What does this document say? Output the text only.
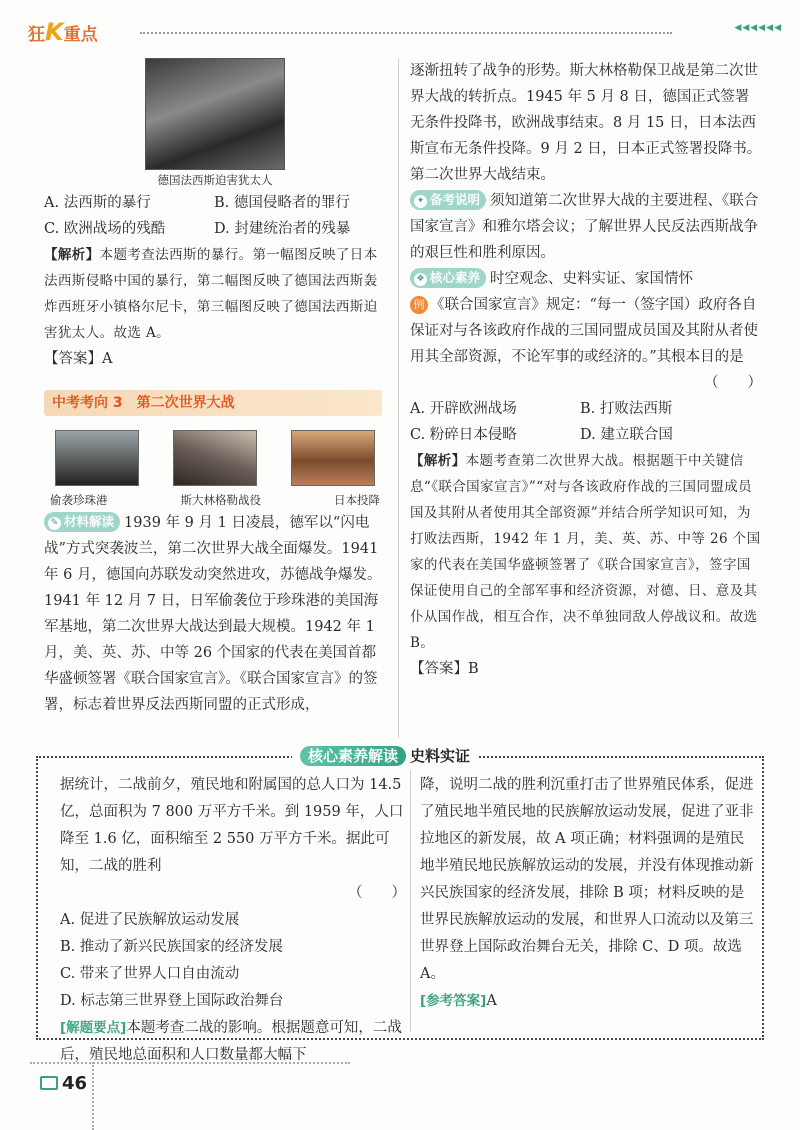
狂K重点	◀◀◀◀◀◀
德国法西斯迫害犹太人
A. 法西斯的暴行	B. 德国侵略者的罪行
C. 欧洲战场的残酷	D. 封建统治者的残暴

【解析】本题考查法西斯的暴行。第一幅图反映了日本法西斯侵略中国的暴行，第二幅图反映了德国法西斯轰炸西班牙小镇格尔尼卡，第三幅图反映了德国法西斯迫害犹太人。故选 A。

【答案】A
中考考向 3　第二次世界大战
偷袭珍珠港	斯大林格勒战役	日本投降
✎ 材料解读 1939 年 9 月 1 日凌晨，德军以“闪电战”方式突袭波兰，第二次世界大战全面爆发。1941 年 6 月，德国向苏联发动突然进攻，苏德战争爆发。1941 年 12 月 7 日，日军偷袭位于珍珠港的美国海军基地，第二次世界大战达到最大规模。1942 年 1 月，美、英、苏、中等 26 个国家的代表在美国首都华盛顿签署《联合国家宣言》。《联合国家宣言》的签署，标志着世界反法西斯同盟的正式形成，
逐渐扭转了战争的形势。斯大林格勒保卫战是第二次世界大战的转折点。1945 年 5 月 8 日，德国正式签署无条件投降书，欧洲战事结束。8 月 15 日，日本法西斯宣布无条件投降。9 月 2 日，日本正式签署投降书。第二次世界大战结束。
✦ 备考说明 须知道第二次世界大战的主要进程、《联合国家宣言》和雅尔塔会议；了解世界人民反法西斯战争的艰巨性和胜利原因。
❖ 核心素养 时空观念、史料实证、家国情怀
例 《联合国家宣言》规定：“每一（签字国）政府各自保证对与各该政府作战的三国同盟成员国及其附从者使用其全部资源，不论军事的或经济的。”其根本目的是
（　　）
A. 开辟欧洲战场	B. 打败法西斯
C. 粉碎日本侵略	D. 建立联合国

【解析】本题考查第二次世界大战。根据题干中关键信息“《联合国家宣言》”“对与各该政府作战的三国同盟成员国及其附从者使用其全部资源”并结合所学知识可知，为打败法西斯，1942 年 1 月，美、英、苏、中等 26 个国家的代表在美国华盛顿签署了《联合国家宣言》，签字国保证使用自己的全部军事和经济资源，对德、日、意及其仆从国作战，相互合作，决不单独同敌人停战议和。故选 B。

【答案】B
核心素养解读 史料实证
据统计，二战前夕，殖民地和附属国的总人口为 14.5 亿，总面积为 7 800 万平方千米。到 1959 年，人口降至 1.6 亿，面积缩至 2 550 万平方千米。据此可知，二战的胜利
（　　）
A. 促进了民族解放运动发展
B. 推动了新兴民族国家的经济发展
C. 带来了世界人口自由流动
D. 标志第三世界登上国际政治舞台
[解题要点]本题考查二战的影响。根据题意可知，二战后，殖民地总面积和人口数量都大幅下
降，说明二战的胜利沉重打击了世界殖民体系，促进了殖民地半殖民地的民族解放运动发展，促进了亚非拉地区的新发展，故 A 项正确；材料强调的是殖民地半殖民地民族解放运动的发展，并没有体现推动新兴民族国家的经济发展，排除 B 项；材料反映的是世界民族解放运动的发展，和世界人口流动以及第三世界登上国际政治舞台无关，排除 C、D 项。故选 A。
[参考答案]A
46
